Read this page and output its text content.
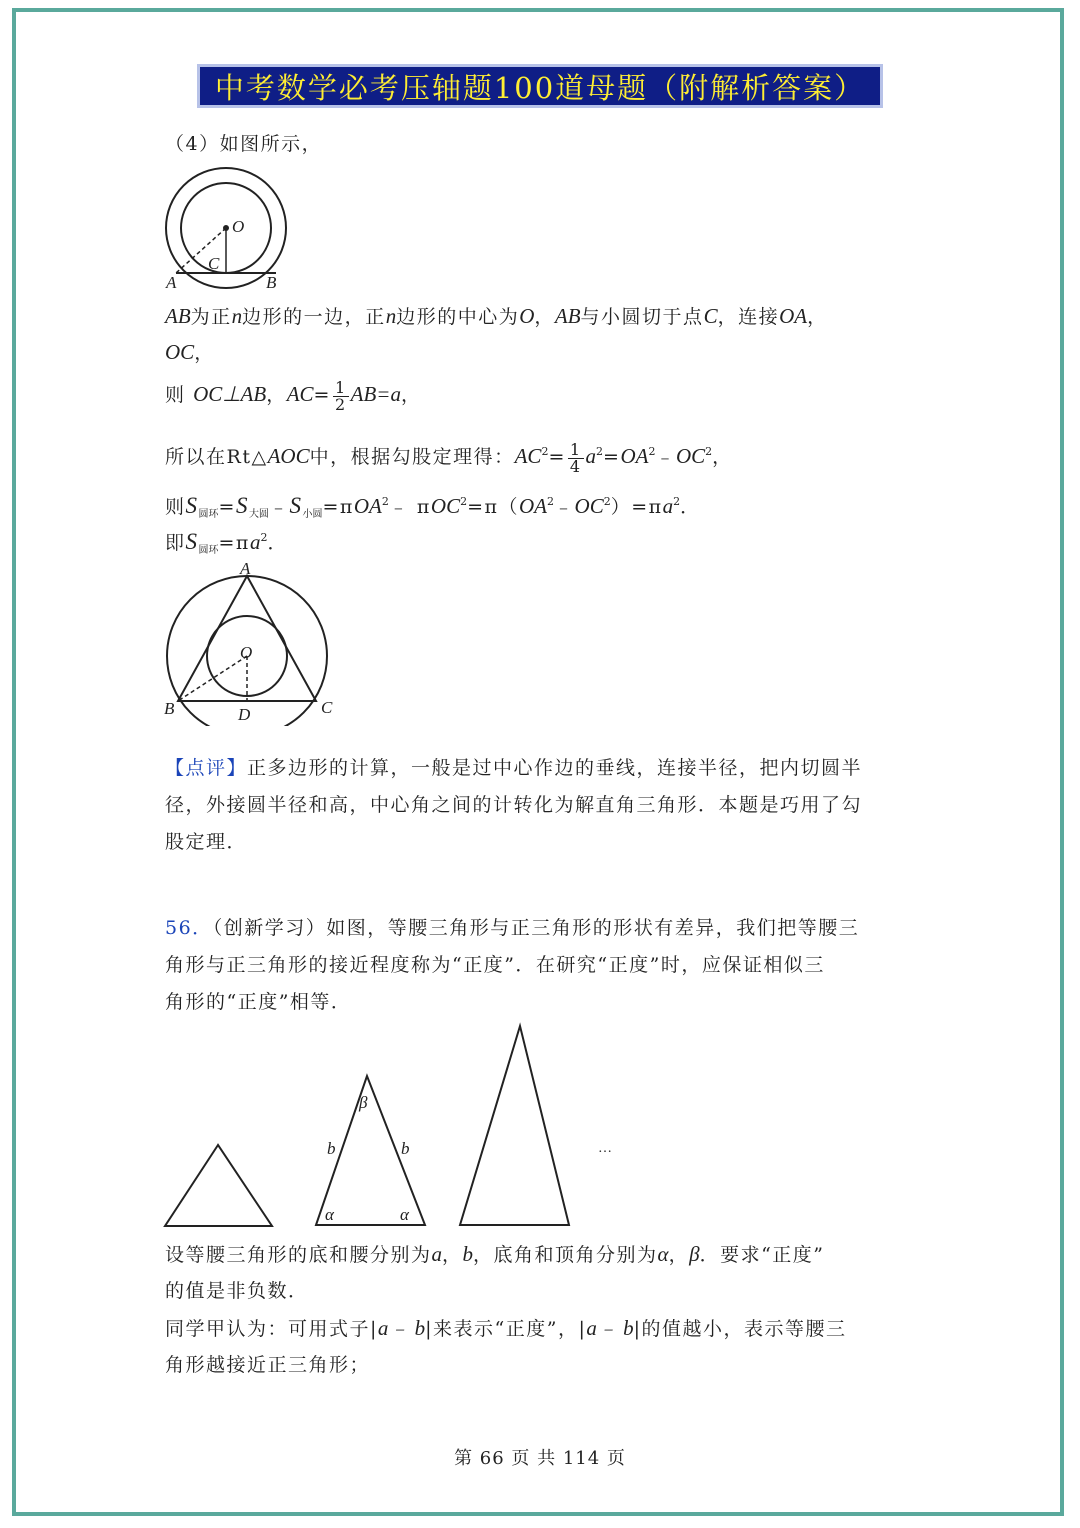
中考数学必考压轴题100道母题（附解析答案）
（4）如图所示，
O
C
A	B
AB为正n边形的一边，正n边形的中心为O，AB与小圆切于点C，连接OA，
OC，
则 OC⊥AB，$AC= \frac{1}{2} AB=a$，
所以在Rt△AOC中，根据勾股定理得：$AC^2= \frac{1}{4}$ $a^2=OA^2﹣OC^2$，
则$S_{圆环}=S_{大圆}﹣S_{小圆}=\pi OA^2﹣$ $\pi OC^2=\pi(OA^2﹣OC^2)=\pi a^2$．
即$S_{圆环}=\pi a^2$．
A
O
B	D	C
【点评】正多边形的计算，一般是过中心作边的垂线，连接半径，把内切圆半
径，外接圆半径和高，中心角之间的计转化为解直角三角形．本题是巧用了勾
股定理．
56．（创新学习）如图，等腰三角形与正三角形的形状有差异，我们把等腰三
角形与正三角形的接近程度称为“正度”．在研究“正度”时，应保证相似三
角形的“正度”相等．
β
b	b
α	α
…
设等腰三角形的底和腰分别为a，b，底角和顶角分别为α，β．要求“正度”
的值是非负数．
同学甲认为：可用式子|a﹣ b|来表示“正度”，|a﹣ b|的值越小，表示等腰三
角形越接近正三角形；
第 66 页 共 114 页
